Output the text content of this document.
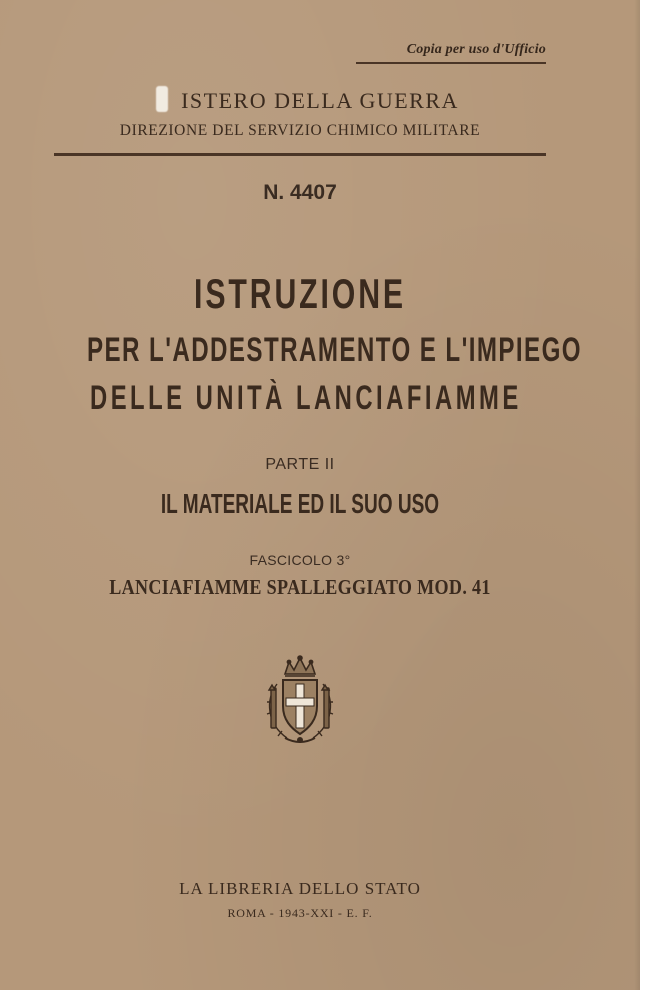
Copia per uso d'Ufficio
ISTERO DELLA GUERRA
DIREZIONE DEL SERVIZIO CHIMICO MILITARE
N. 4407
ISTRUZIONE
PER L'ADDESTRAMENTO E L'IMPIEGO
DELLE UNITÀ LANCIAFIAMME
PARTE II
IL MATERIALE ED IL SUO USO
FASCICOLO 3°
LANCIAFIAMME SPALLEGGIATO MOD. 41
LA LIBRERIA DELLO STATO
ROMA - 1943-XXI - E. F.
